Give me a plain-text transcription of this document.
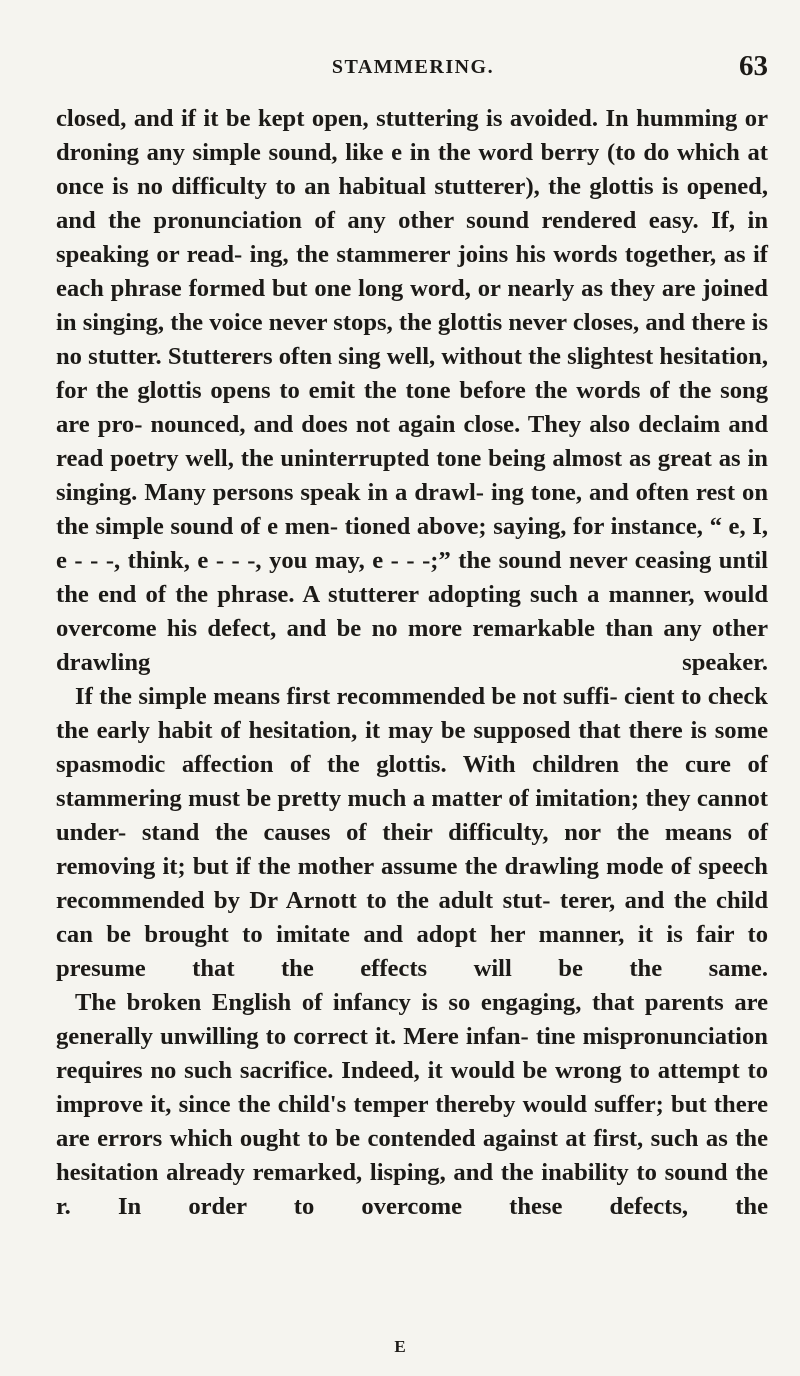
STAMMERING.	63

closed, and if it be kept open, stuttering is avoided. In humming or droning any simple sound, like e in the word berry (to do which at once is no difficulty to an habitual stutterer), the glottis is opened, and the pronunciation of any other sound rendered easy. If, in speaking or read- ing, the stammerer joins his words together, as if each phrase formed but one long word, or nearly as they are joined in singing, the voice never stops, the glottis never closes, and there is no stutter. Stutterers often sing well, without the slightest hesitation, for the glottis opens to emit the tone before the words of the song are pro- nounced, and does not again close. They also declaim and read poetry well, the uninterrupted tone being almost as great as in singing. Many persons speak in a drawl- ing tone, and often rest on the simple sound of e men- tioned above; saying, for instance, “ e, I, e - - -, think, e - - -, you may, e - - -;” the sound never ceasing until the end of the phrase. A stutterer adopting such a manner, would overcome his defect, and be no more remarkable than any other drawling speaker.

If the simple means first recommended be not suffi- cient to check the early habit of hesitation, it may be supposed that there is some spasmodic affection of the glottis. With children the cure of stammering must be pretty much a matter of imitation; they cannot under- stand the causes of their difficulty, nor the means of removing it; but if the mother assume the drawling mode of speech recommended by Dr Arnott to the adult stut- terer, and the child can be brought to imitate and adopt her manner, it is fair to presume that the effects will be the same.

The broken English of infancy is so engaging, that parents are generally unwilling to correct it. Mere infan- tine mispronunciation requires no such sacrifice. Indeed, it would be wrong to attempt to improve it, since the child's temper thereby would suffer; but there are errors which ought to be contended against at first, such as the hesitation already remarked, lisping, and the inability to sound the r. In order to overcome these defects, the

E
